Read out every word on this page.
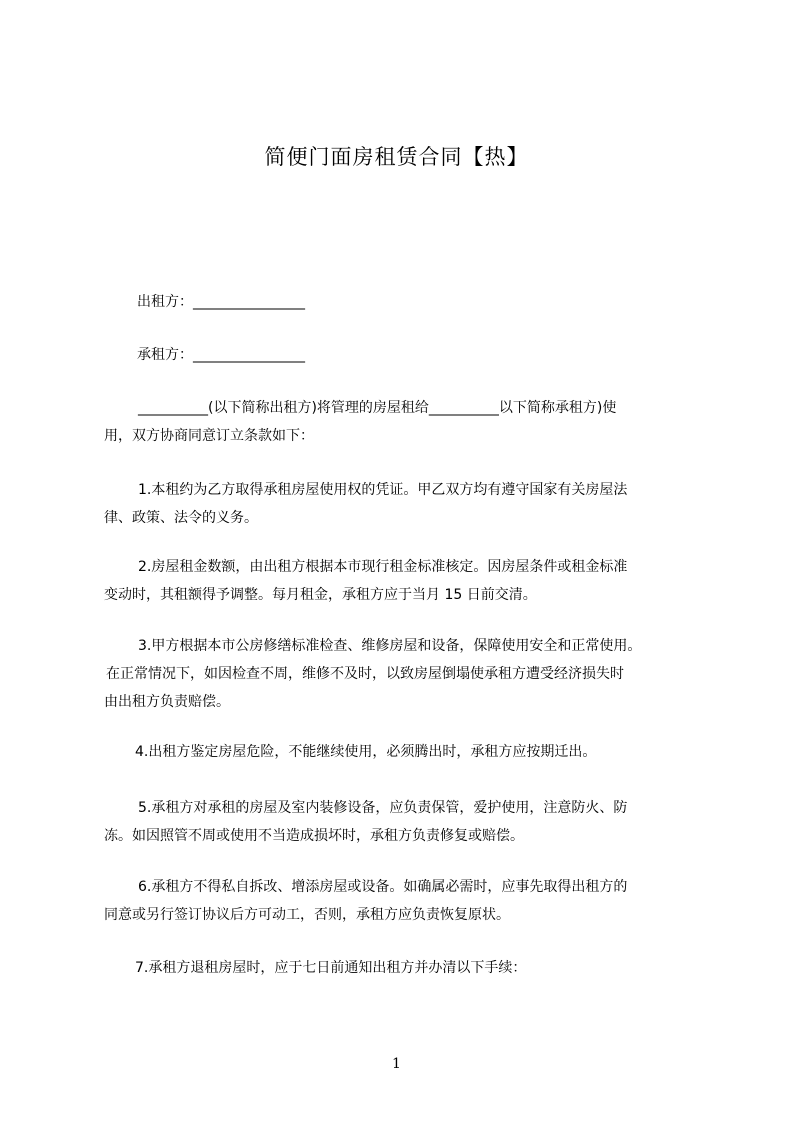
简便门面房租赁合同【热】
出租方：________________
承租方：________________
__________(以下简称出租方)将管理的房屋租给__________以下简称承租方)使
用，双方协商同意订立条款如下：
1.本租约为乙方取得承租房屋使用权的凭证。甲乙双方均有遵守国家有关房屋法
律、政策、法令的义务。
2.房屋租金数额，由出租方根据本市现行租金标准核定。因房屋条件或租金标准
变动时，其租额得予调整。每月租金，承租方应于当月 15 日前交清。
3.甲方根据本市公房修缮标准检查、维修房屋和设备，保障使用安全和正常使用。
在正常情况下，如因检查不周，维修不及时，以致房屋倒塌使承租方遭受经济损失时
由出租方负责赔偿。
4.出租方鉴定房屋危险，不能继续使用，必须腾出时，承租方应按期迁出。
5.承租方对承租的房屋及室内装修设备，应负责保管，爱护使用，注意防火、防
冻。如因照管不周或使用不当造成损坏时，承租方负责修复或赔偿。
6.承租方不得私自拆改、增添房屋或设备。如确属必需时，应事先取得出租方的
同意或另行签订协议后方可动工，否则，承租方应负责恢复原状。
7.承租方退租房屋时，应于七日前通知出租方并办清以下手续：
1
